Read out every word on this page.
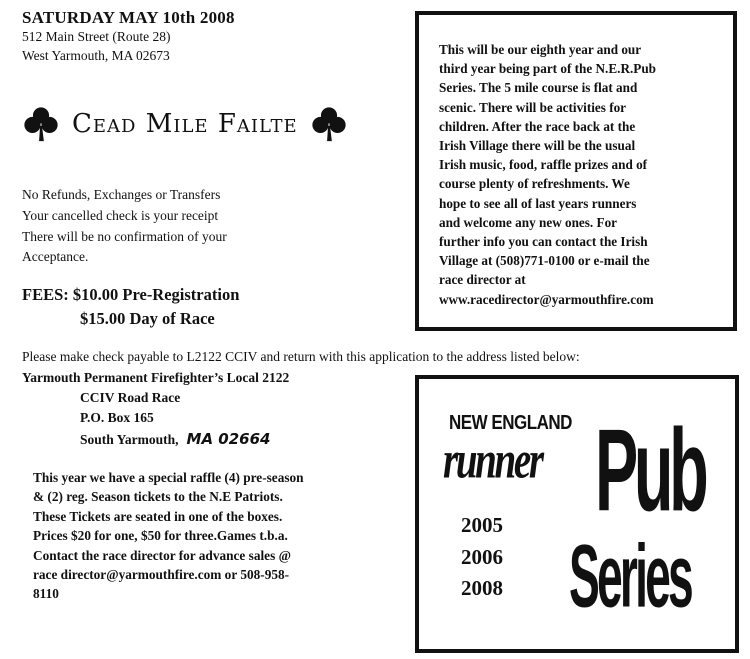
SATURDAY MAY 10th 2008
512 Main Street (Route 28)
West Yarmouth, MA 02673
Cead Mile Failte
No Refunds, Exchanges or Transfers
Your cancelled check is your receipt
There will be no confirmation of your
Acceptance.
FEES: $10.00 Pre-Registration
$15.00 Day of Race
This will be our eighth year and our
third year being part of the N.E.R.Pub
Series. The 5 mile course is flat and
scenic. There will be activities for
children. After the race back at the
Irish Village there will be the usual
Irish music, food, raffle prizes and of
course plenty of refreshments. We
hope to see all of last years runners
and welcome any new ones. For
further info you can contact the Irish
Village at (508)771-0100 or e-mail the
race director at
www.racedirector@yarmouthfire.com
Please make check payable to L2122 CCIV and return with this application to the address listed below:
Yarmouth Permanent Firefighter’s Local 2122
CCIV Road Race
P.O. Box 165
South Yarmouth, MA 02664
This year we have a special raffle (4) pre-season
& (2) reg. Season tickets to the N.E Patriots.
These Tickets are seated in one of the boxes.
Prices $20 for one, $50 for three.Games t.b.a.
Contact the race director for advance sales @
race director@yarmouthfire.com or 508-958-
8110
NEW ENGLAND
runner Pub
Series
2005
2006
2008
